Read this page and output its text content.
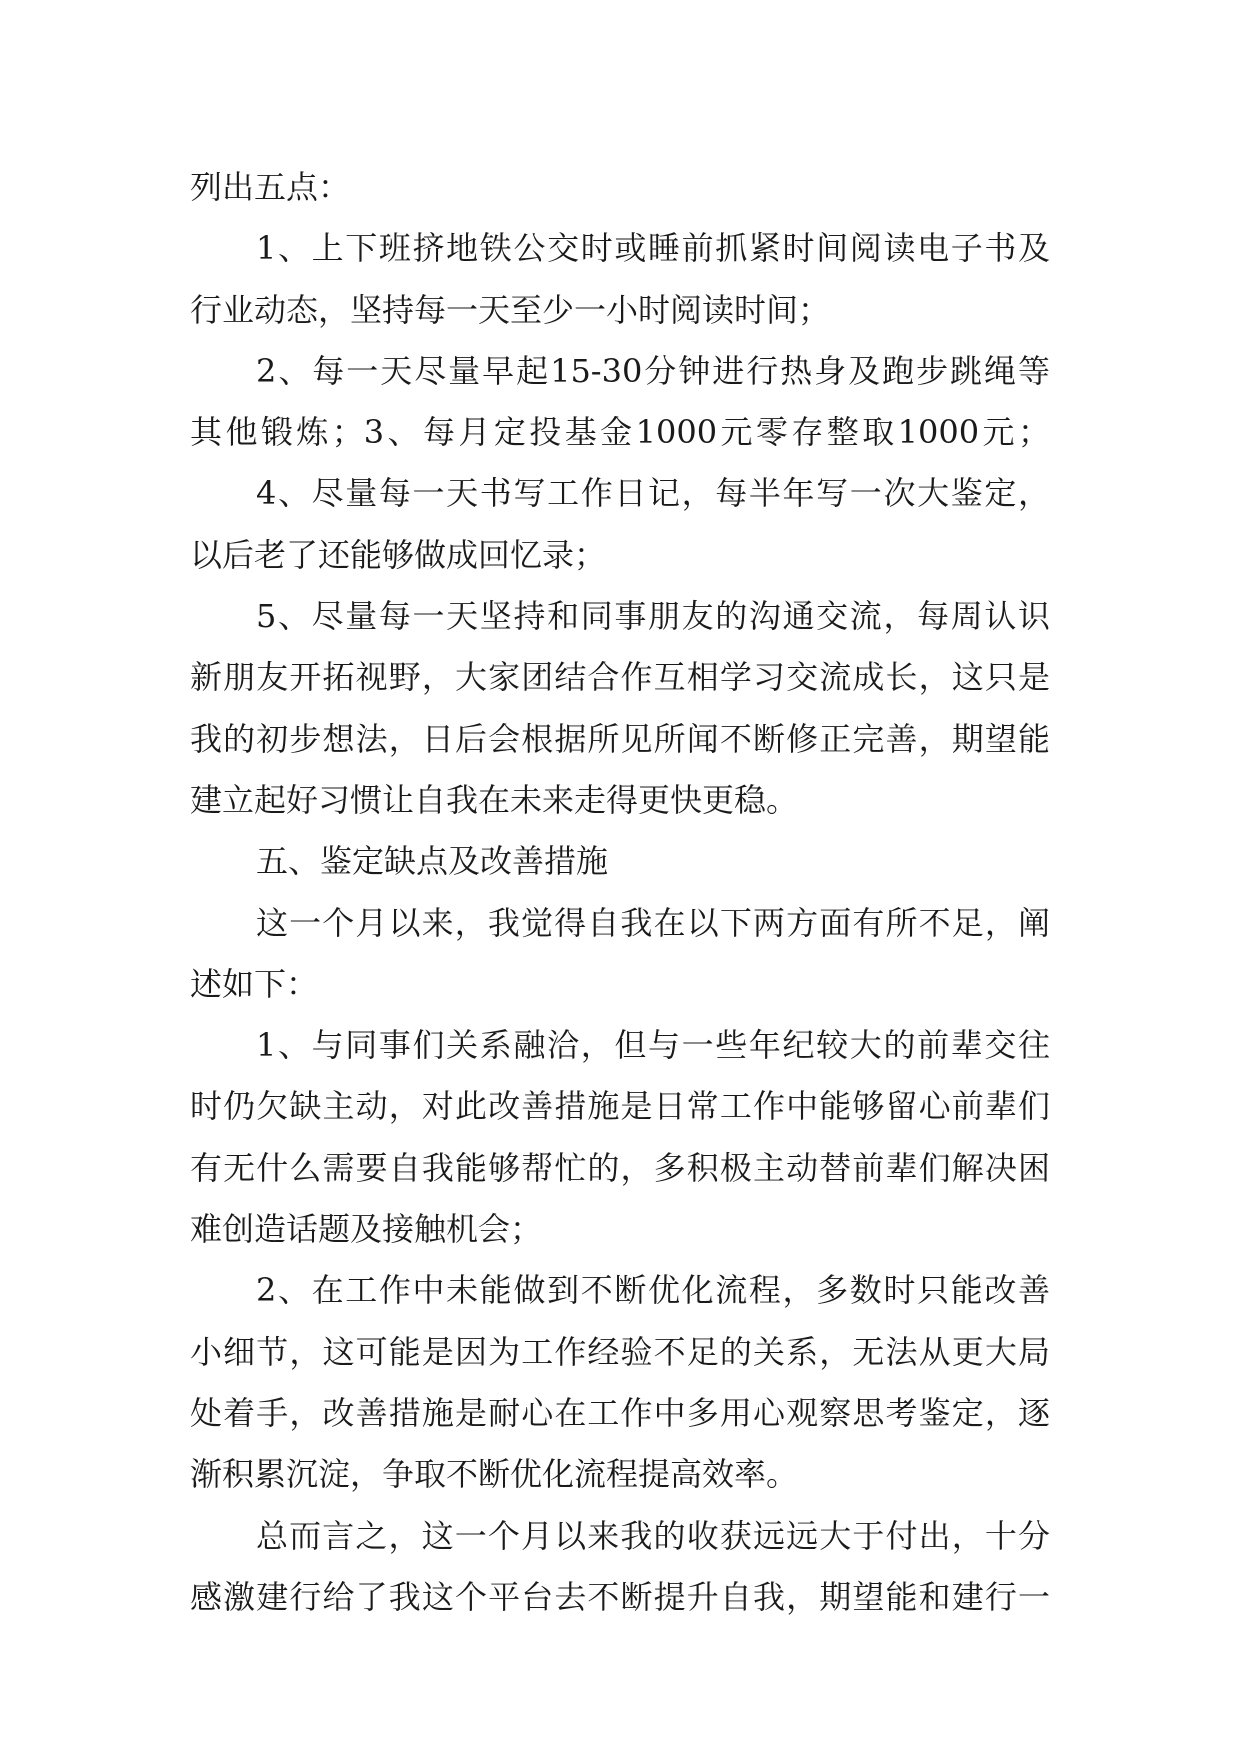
列出五点：
1、上下班挤地铁公交时或睡前抓紧时间阅读电子书及
行业动态，坚持每一天至少一小时阅读时间；
2、每一天尽量早起15-30分钟进行热身及跑步跳绳等
其他锻炼；3、每月定投基金1000元零存整取1000元；
4、尽量每一天书写工作日记，每半年写一次大鉴定，
以后老了还能够做成回忆录；
5、尽量每一天坚持和同事朋友的沟通交流，每周认识
新朋友开拓视野，大家团结合作互相学习交流成长，这只是
我的初步想法，日后会根据所见所闻不断修正完善，期望能
建立起好习惯让自我在未来走得更快更稳。
五、鉴定缺点及改善措施
这一个月以来，我觉得自我在以下两方面有所不足，阐
述如下：
1、与同事们关系融洽，但与一些年纪较大的前辈交往
时仍欠缺主动，对此改善措施是日常工作中能够留心前辈们
有无什么需要自我能够帮忙的，多积极主动替前辈们解决困
难创造话题及接触机会；
2、在工作中未能做到不断优化流程，多数时只能改善
小细节，这可能是因为工作经验不足的关系，无法从更大局
处着手，改善措施是耐心在工作中多用心观察思考鉴定，逐
渐积累沉淀，争取不断优化流程提高效率。
总而言之，这一个月以来我的收获远远大于付出，十分
感激建行给了我这个平台去不断提升自我，期望能和建行一
